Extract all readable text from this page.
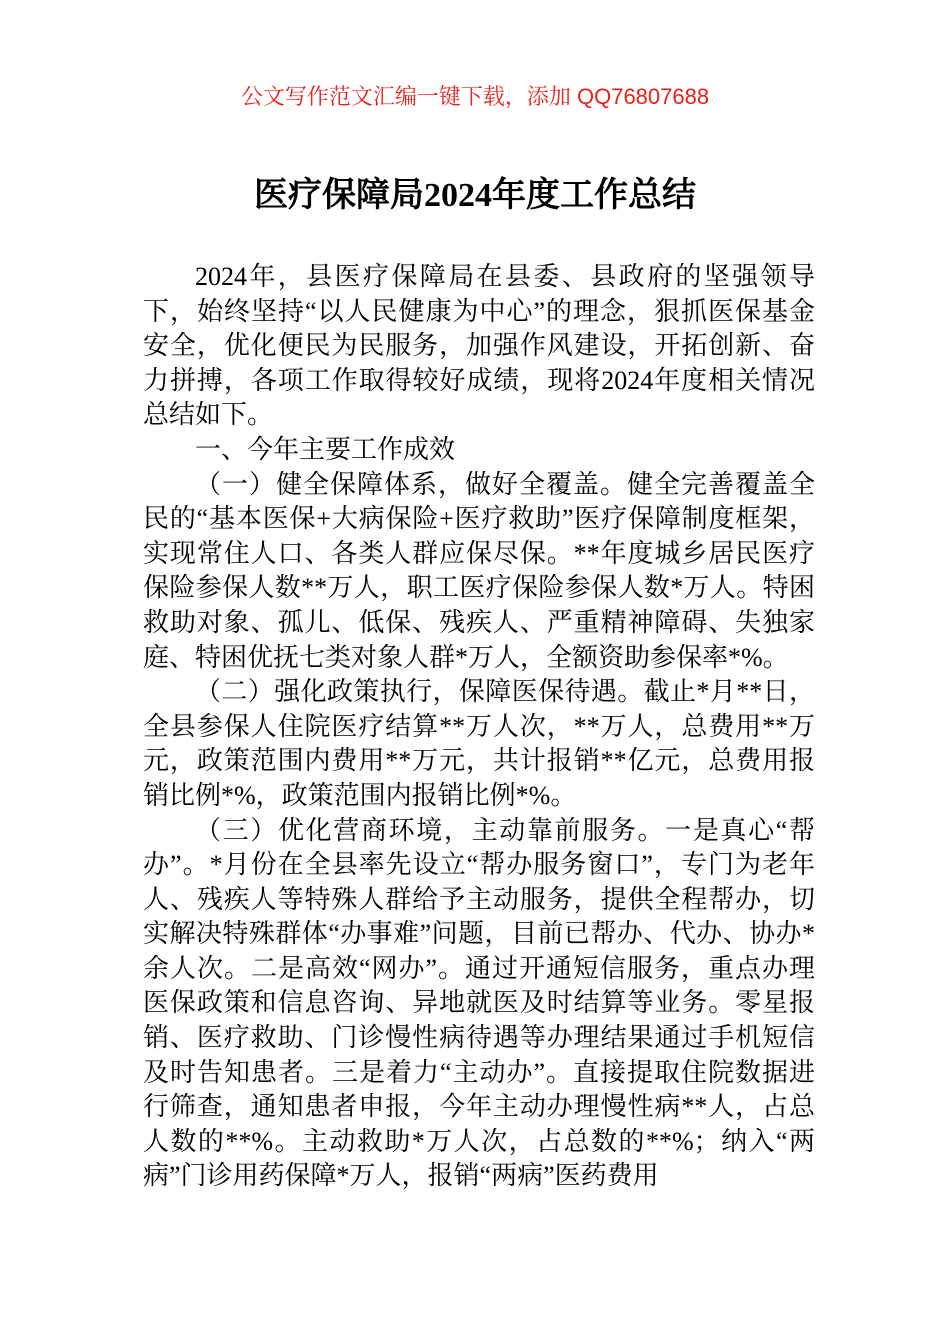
公文写作范文汇编一键下载，添加 QQ76807688
医疗保障局2024年度工作总结

2024年，县医疗保障局在县委、县政府的坚强领导下，始终坚持“以人民健康为中心”的理念，狠抓医保基金安全，优化便民为民服务，加强作风建设，开拓创新、奋力拼搏，各项工作取得较好成绩，现将2024年度相关情况总结如下。

一、今年主要工作成效

（一）健全保障体系，做好全覆盖。健全完善覆盖全民的“基本医保+大病保险+医疗救助”医疗保障制度框架，实现常住人口、各类人群应保尽保。**年度城乡居民医疗保险参保人数**万人，职工医疗保险参保人数*万人。特困救助对象、孤儿、低保、残疾人、严重精神障碍、失独家庭、特困优抚七类对象人群*万人，全额资助参保率*%。

（二）强化政策执行，保障医保待遇。截止*月**日，全县参保人住院医疗结算**万人次，**万人，总费用**万元，政策范围内费用**万元，共计报销**亿元，总费用报销比例*%，政策范围内报销比例*%。

（三）优化营商环境，主动靠前服务。一是真心“帮办”。*月份在全县率先设立“帮办服务窗口”，专门为老年人、残疾人等特殊人群给予主动服务，提供全程帮办，切实解决特殊群体“办事难”问题，目前已帮办、代办、协办*余人次。二是高效“网办”。通过开通短信服务，重点办理医保政策和信息咨询、异地就医及时结算等业务。零星报销、医疗救助、门诊慢性病待遇等办理结果通过手机短信及时告知患者。三是着力“主动办”。直接提取住院数据进行筛查，通知患者申报，今年主动办理慢性病**人，占总人数的**%。主动救助*万人次，占总数的**%；纳入“两病”门诊用药保障*万人，报销“两病”医药费用
